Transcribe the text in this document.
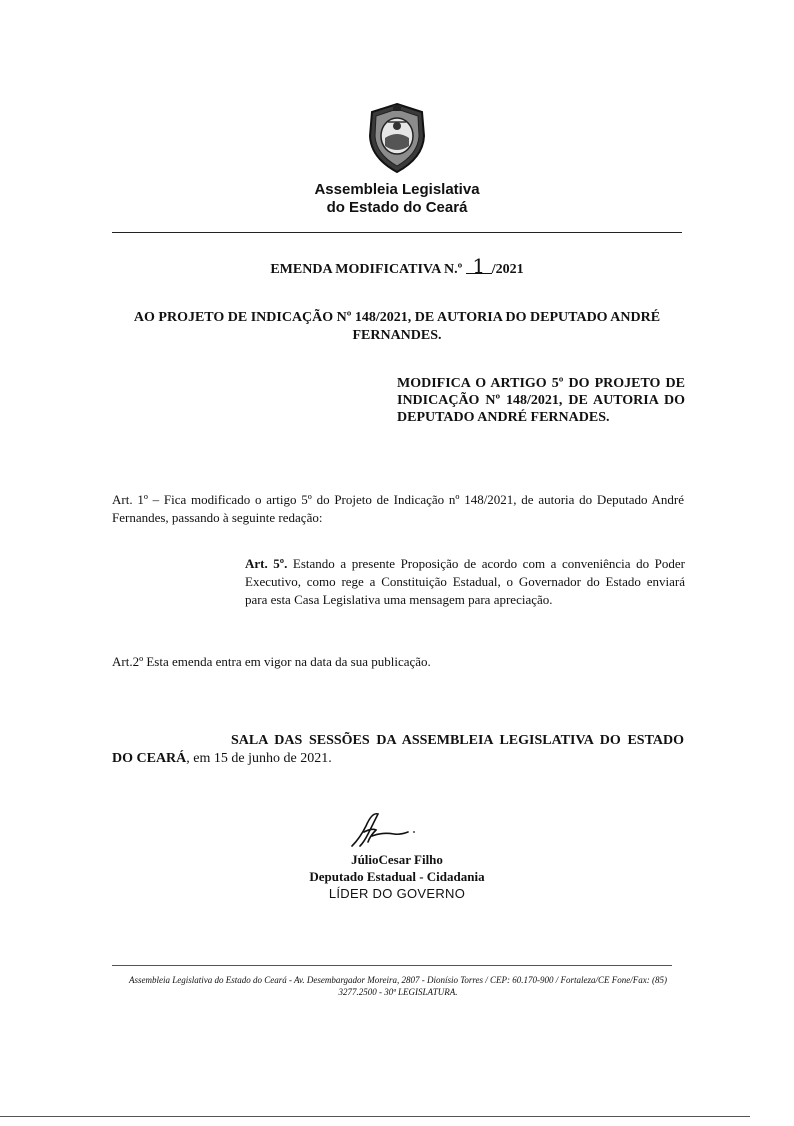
Assembleia Legislativa
do Estado do Ceará
EMENDA MODIFICATIVA N.º 1 /2021
AO PROJETO DE INDICAÇÃO Nº 148/2021, DE AUTORIA DO DEPUTADO ANDRÉ FERNANDES.
MODIFICA O ARTIGO 5º DO PROJETO DE INDICAÇÃO Nº 148/2021, DE AUTORIA DO DEPUTADO ANDRÉ FERNADES.
Art. 1º – Fica modificado o artigo 5º do Projeto de Indicação nº 148/2021, de autoria do Deputado André Fernandes, passando à seguinte redação:
Art. 5º. Estando a presente Proposição de acordo com a conveniência do Poder Executivo, como rege a Constituição Estadual, o Governador do Estado enviará para esta Casa Legislativa uma mensagem para apreciação.
Art.2º Esta emenda entra em vigor na data da sua publicação.
SALA DAS SESSÕES DA ASSEMBLEIA LEGISLATIVA DO ESTADO DO CEARÁ, em 15 de junho de 2021.
JúlioCesar Filho
Deputado Estadual - Cidadania
LÍDER DO GOVERNO
Assembleia Legislativa do Estado do Ceará - Av. Desembargador Moreira, 2807 - Dionísio Torres / CEP: 60.170-900 / Fortaleza/CE Fone/Fax: (85) 3277.2500 - 30ª LEGISLATURA.
